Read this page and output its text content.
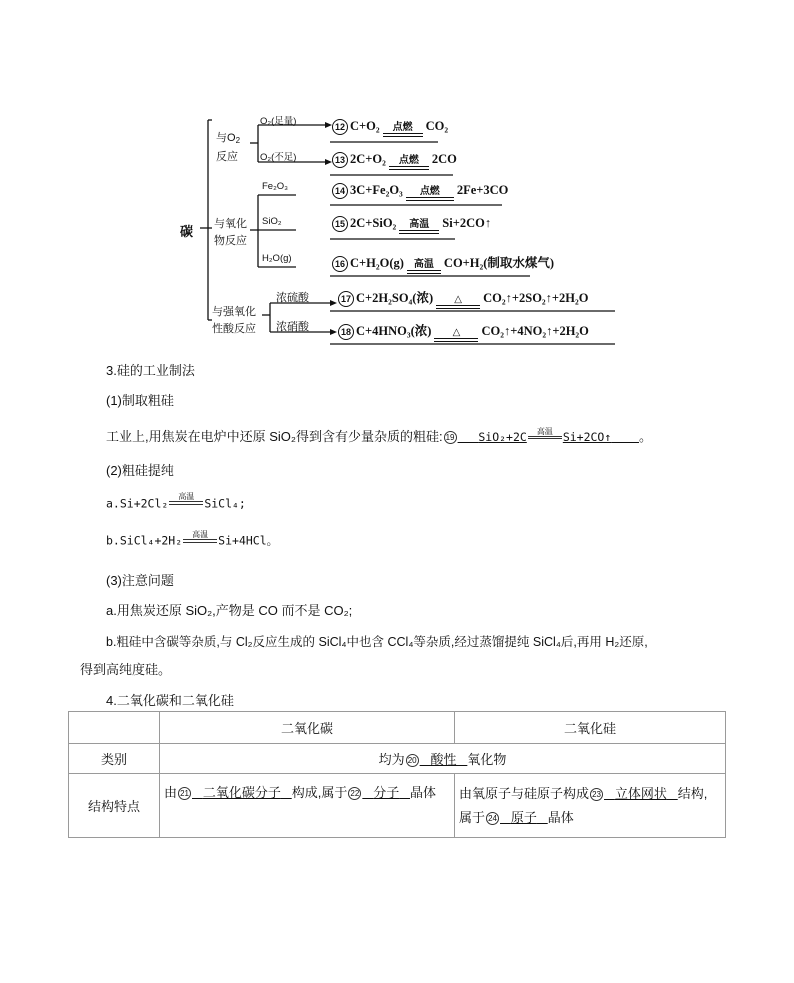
碳
与$O_2$
反应
与氧化
物反应
与强氧化
性酸反应
O₂(足量)
O₂(不足)
Fe₂O₃
SiO₂
H₂O(g)
浓硫酸
浓硝酸
12 C+O₂	点燃	CO₂
13 2C+O₂	点燃	2CO
14 3C+Fe₂O₃	点燃	2Fe+3CO
15 2C+SiO₂	高温	Si+2CO↑
16 C+H₂O(g)	高温 CO+H₂(制取水煤气)
17 C+2H₂SO₄(浓)	△	CO₂↑+2SO₂↑+2H₂O
18 C+4HNO₃(浓)	△	CO₂↑+4NO₂↑+2H₂O
3.硅的工业制法
(1)制取粗硅
工业上,用焦炭在电炉中还原 SiO₂得到含有少量杂质的粗硅: 19 SiO₂+2C	高温 Si+2CO↑ 。
(2)粗硅提纯
a.Si+2Cl₂	高温 SiCl₄;
b.SiCl₄+2H₂	高温 Si+4HCl。
(3)注意问题
a.用焦炭还原 SiO₂,产物是 CO 而不是 CO₂;
b.粗硅中含碳等杂质,与 Cl₂反应生成的 SiCl₄中也含 CCl₄等杂质,经过蒸馏提纯 SiCl₄后,再用 H₂还原,
得到高纯度硅。
4.二氧化碳和二氧化硅
	二氧化碳	二氧化硅
类别	均为 20 酸性 氧化物	
结构特点	由 21 二氧化碳分子 构成,属于 22 分子 晶体	由氧原子与硅原子构成 23 立体网状 结构,
属于 24 原子 晶体
